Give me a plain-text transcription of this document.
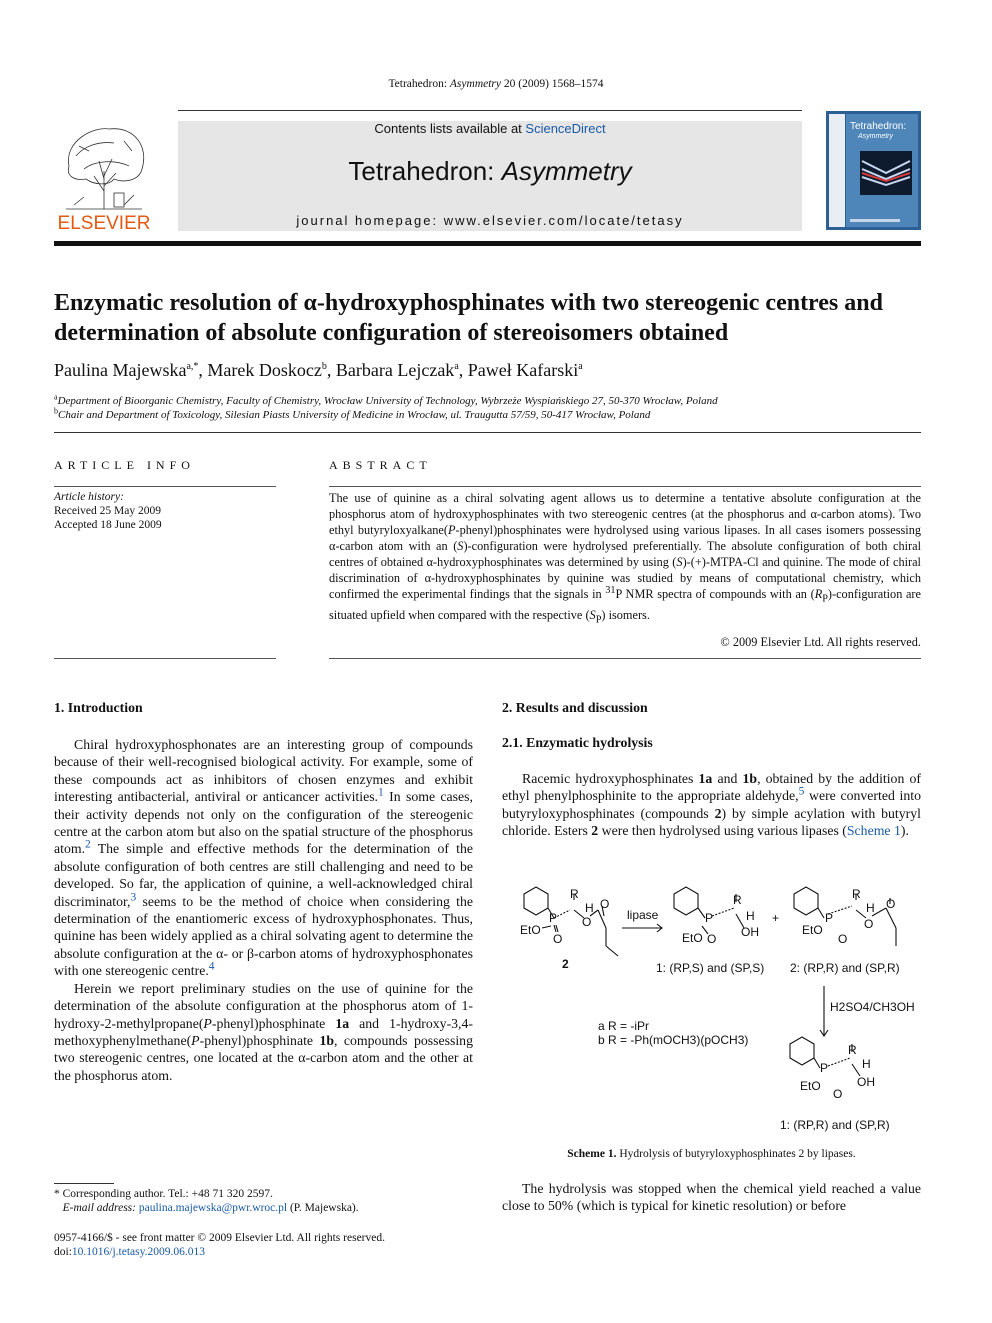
Tetrahedron: Asymmetry 20 (2009) 1568–1574
ELSEVIER
Contents lists available at ScienceDirect
Tetrahedron: Asymmetry
journal homepage: www.elsevier.com/locate/tetasy
Tetrahedron:
Asymmetry
Enzymatic resolution of α-hydroxyphosphinates with two stereogenic centres and determination of absolute configuration of stereoisomers obtained
Paulina Majewska$^{a,*}$, Marek Doskocz$^b$, Barbara Lejczak$^a$, Paweł Kafarski$^a$
$^a$Department of Bioorganic Chemistry, Faculty of Chemistry, Wrocław University of Technology, Wybrzeże Wyspiańskiego 27, 50-370 Wrocław, Poland
$^b$Chair and Department of Toxicology, Silesian Piasts University of Medicine in Wrocław, ul. Traugutta 57/59, 50-417 Wrocław, Poland
ARTICLE INFO	ABSTRACT
Article history:
Received 25 May 2009
Accepted 18 June 2009
The use of quinine as a chiral solvating agent allows us to determine a tentative absolute configuration at the phosphorus atom of hydroxyphosphinates with two stereogenic centres (at the phosphorus and α-carbon atoms). Two ethyl butyryloxyalkane(P-phenyl)phosphinates were hydrolysed using various lipases. In all cases isomers possessing α-carbon atom with an (S)-configuration were hydrolysed preferentially. The absolute configuration of both chiral centres of obtained α-hydroxyphosphinates was determined by using (S)-(+)-MTPA-Cl and quinine. The mode of chiral discrimination of α-hydroxyphosphinates by quinine was studied by means of computational chemistry, which confirmed the experimental findings that the signals in $^{31}$P NMR spectra of compounds with an $(R_P)$-configuration are situated upfield when compared with the respective $(S_P)$ isomers.
© 2009 Elsevier Ltd. All rights reserved.
1. Introduction

Chiral hydroxyphosphonates are an interesting group of compounds because of their well-recognised biological activity. For example, some of these compounds act as inhibitors of chosen enzymes and exhibit interesting antibacterial, antiviral or anticancer activities.$^1$ In some cases, their activity depends not only on the configuration of the stereogenic centre at the carbon atom but also on the spatial structure of the phosphorus atom.$^2$ The simple and effective methods for the determination of the absolute configuration of both centres are still challenging and need to be developed. So far, the application of quinine, a well-acknowledged chiral discriminator,$^3$ seems to be the method of choice when considering the determination of the enantiomeric excess of hydroxyphosphonates. Thus, quinine has been widely applied as a chiral solvating agent to determine the absolute configuration at the α- or β-carbon atoms of hydroxyphosphonates with one stereogenic centre.$^4$

Herein we report preliminary studies on the use of quinine for the determination of the absolute configuration at the phosphorus atom of 1-hydroxy-2-methylpropane(P-phenyl)phosphinate 1a and 1-hydroxy-3,4-methoxyphenylmethane(P-phenyl)phosphinate 1b, compounds possessing two stereogenic centres, one located at the α-carbon atom and the other at the phosphorus atom.

2. Results and discussion
2.1. Enzymatic hydrolysis

Racemic hydroxyphosphinates 1a and 1b, obtained by the addition of ethyl phenylphosphinite to the appropriate aldehyde,$^5$ were converted into butyryloxyphosphinates (compounds 2) by simple acylation with butyryl chloride. Esters 2 were then hydrolysed using various lipases (Scheme 1).

R
H
P
EtO
O
O
O
2
lipase
R
H
P
EtO O OH
+
R
H
P
EtO
O
O
O
1: (RP,S) and (SP,S) 2: (RP,R) and (SP,R)
H2SO4/CH3OH
a R = -iPr
b R = -Ph(mOCH3)(pOCH3)
R
H
P
EtO
O
OH
1: (RP,R) and (SP,R)
Scheme 1. Hydrolysis of butyryloxyphosphinates 2 by lipases.

The hydrolysis was stopped when the chemical yield reached a value close to 50% (which is typical for kinetic resolution) or before

* Corresponding author. Tel.: +48 71 320 2597.
E-mail address: paulina.majewska@pwr.wroc.pl (P. Majewska).
0957-4166/$ - see front matter © 2009 Elsevier Ltd. All rights reserved.
doi:10.1016/j.tetasy.2009.06.013
